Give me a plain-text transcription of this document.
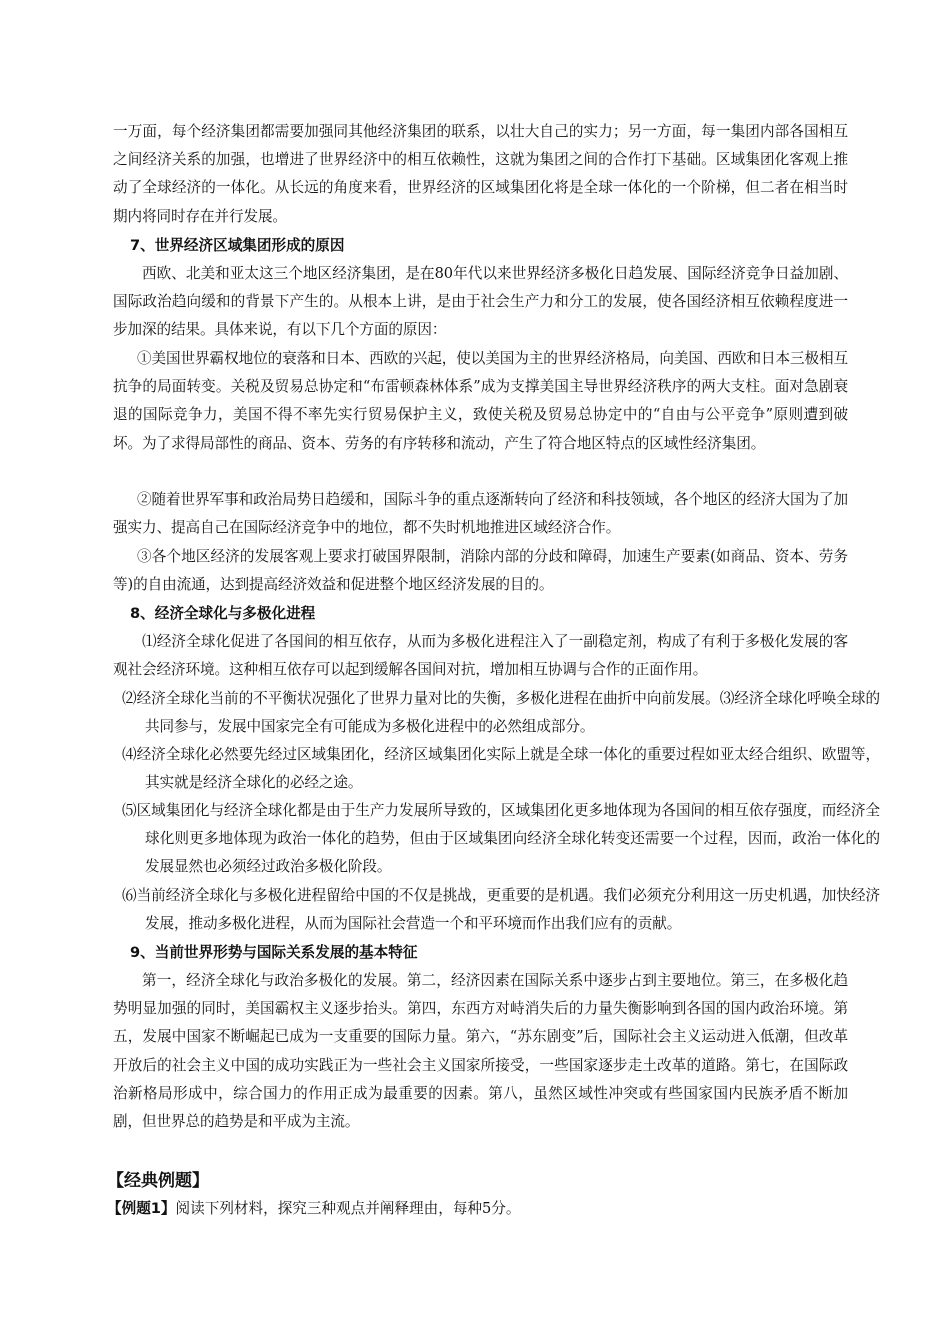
一万面，每个经济集团都需要加强同其他经济集团的联系，以壮大自己的实力；另一方面，每一集团内部各国相互之间经济关系的加强，也增进了世界经济中的相互依赖性，这就为集团之间的合作打下基础。区域集团化客观上推动了全球经济的一体化。从长远的角度来看，世界经济的区域集团化将是全球一体化的一个阶梯，但二者在相当时期内将同时存在并行发展。

7、世界经济区域集团形成的原因

西欧、北美和亚太这三个地区经济集团，是在80年代以来世界经济多极化日趋发展、国际经济竞争日益加剧、国际政治趋向缓和的背景下产生的。从根本上讲，是由于社会生产力和分工的发展，使各国经济相互依赖程度进一步加深的结果。具体来说，有以下几个方面的原因：

①美国世界霸权地位的衰落和日本、西欧的兴起，使以美国为主的世界经济格局，向美国、西欧和日本三极相互抗争的局面转变。关税及贸易总协定和“布雷顿森林体系”成为支撑美国主导世界经济秩序的两大支柱。面对急剧衰退的国际竞争力，美国不得不率先实行贸易保护主义，致使关税及贸易总协定中的“自由与公平竞争”原则遭到破坏。为了求得局部性的商品、资本、劳务的有序转移和流动，产生了符合地区特点的区域性经济集团。

②随着世界军事和政治局势日趋缓和，国际斗争的重点逐渐转向了经济和科技领域，各个地区的经济大国为了加强实力、提高自己在国际经济竞争中的地位，都不失时机地推进区域经济合作。

③各个地区经济的发展客观上要求打破国界限制，消除内部的分歧和障碍，加速生产要素(如商品、资本、劳务等)的自由流通，达到提高经济效益和促进整个地区经济发展的目的。

8、经济全球化与多极化进程

⑴经济全球化促进了各国间的相互依存，从而为多极化进程注入了一副稳定剂，构成了有利于多极化发展的客观社会经济环境。这种相互依存可以起到缓解各国间对抗，增加相互协调与合作的正面作用。

⑵经济全球化当前的不平衡状况强化了世界力量对比的失衡，多极化进程在曲折中向前发展。⑶经济全球化呼唤全球的共同参与，发展中国家完全有可能成为多极化进程中的必然组成部分。

⑷经济全球化必然要先经过区域集团化，经济区域集团化实际上就是全球一体化的重要过程如亚太经合组织、欧盟等，其实就是经济全球化的必经之途。

⑸区域集团化与经济全球化都是由于生产力发展所导致的，区域集团化更多地体现为各国间的相互依存强度，而经济全球化则更多地体现为政治一体化的趋势，但由于区域集团向经济全球化转变还需要一个过程，因而，政治一体化的发展显然也必须经过政治多极化阶段。

⑹当前经济全球化与多极化进程留给中国的不仅是挑战，更重要的是机遇。我们必须充分利用这一历史机遇，加快经济发展，推动多极化进程，从而为国际社会营造一个和平环境而作出我们应有的贡献。

9、当前世界形势与国际关系发展的基本特征

第一，经济全球化与政治多极化的发展。第二，经济因素在国际关系中逐步占到主要地位。第三，在多极化趋势明显加强的同时，美国霸权主义逐步抬头。第四，东西方对峙消失后的力量失衡影响到各国的国内政治环境。第五，发展中国家不断崛起已成为一支重要的国际力量。第六，“苏东剧变”后，国际社会主义运动进入低潮，但改革开放后的社会主义中国的成功实践正为一些社会主义国家所接受，一些国家逐步走土改革的道路。第七，在国际政治新格局形成中，综合国力的作用正成为最重要的因素。第八，虽然区域性冲突或有些国家国内民族矛盾不断加剧，但世界总的趋势是和平成为主流。

【经典例题】

【例题1】阅读下列材料，探究三种观点并阐释理由，每种5分。
